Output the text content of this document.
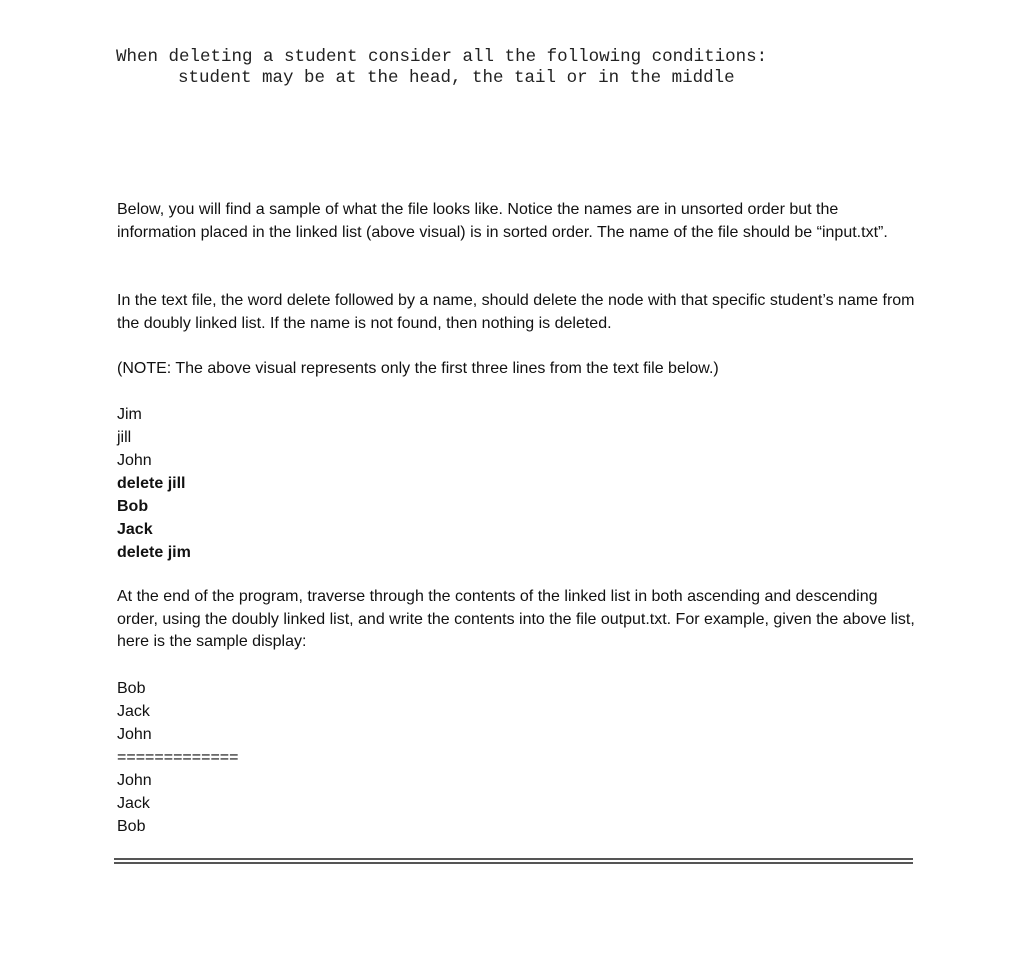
When deleting a student consider all the following conditions:
student may be at the head, the tail or in the middle

Below, you will find a sample of what the file looks like. Notice the names are in unsorted order but the information placed in the linked list (above visual) is in sorted order. The name of the file should be “input.txt”.

In the text file, the word delete followed by a name, should delete the node with that specific student’s name from the doubly linked list. If the name is not found, then nothing is deleted.

(NOTE: The above visual represents only the first three lines from the text file below.)

Jim
jill
John
delete jill
Bob
Jack
delete jim

At the end of the program, traverse through the contents of the linked list in both ascending and descending order, using the doubly linked list, and write the contents into the file output.txt. For example, given the above list, here is the sample display:

Bob
Jack
John
=============
John
Jack
Bob
